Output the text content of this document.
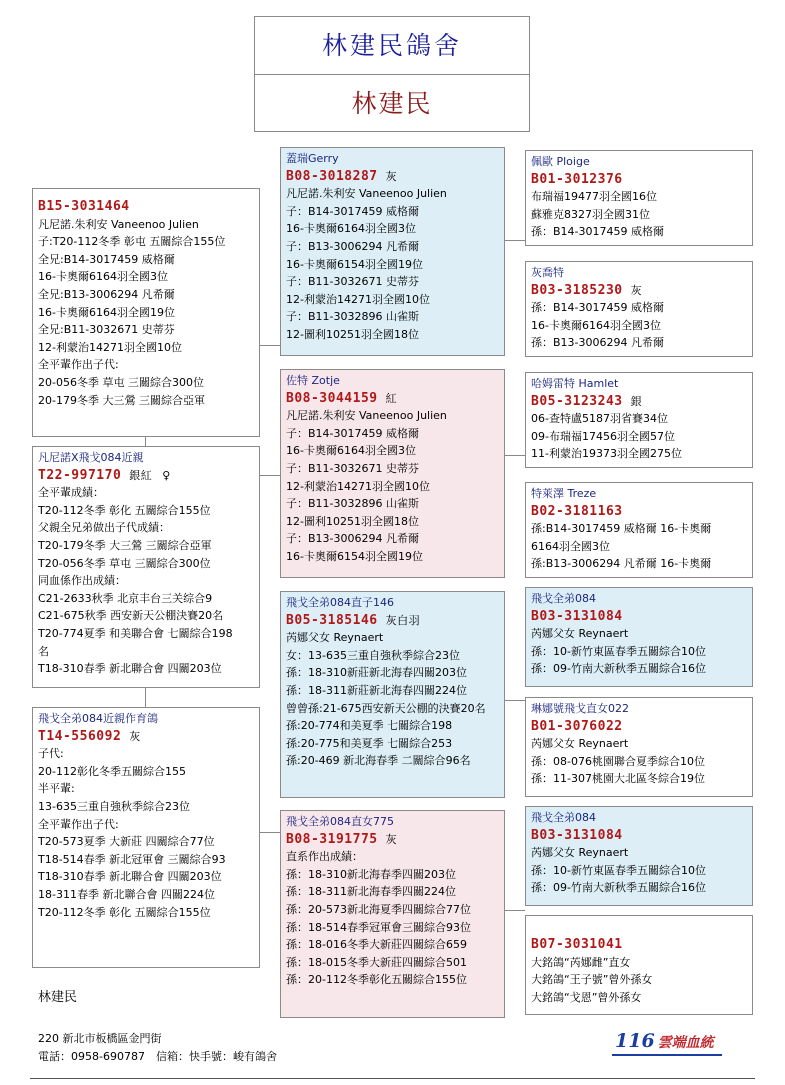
林建民鴿舍
林建民
B15-3031464
凡尼諾.朱利安 Vaneenoo Julien
子:T20-112冬季 彰屯 五關綜合155位
全兄:B14-3017459 威格爾
16-卡奧爾6164羽全國3位
全兄:B13-3006294 凡希爾
16-卡奧爾6164羽全國19位
全兄:B11-3032671 史蒂芬
12-利蒙治14271羽全國10位
全平輩作出子代:
20-056冬季 草屯 三關綜合300位
20-179冬季 大三鶯 三關綜合亞軍
凡尼諾X飛戈084近親
T22-997170 銀紅 ♀
全平輩成績：
T20-112冬季 彰化 五關綜合155位
父親全兄弟做出子代成績：
T20-179冬季 大三鶯 三關綜合亞軍
T20-056冬季 草屯 三關綜合300位
同血係作出成績：
C21-2633秋季 北京丰台三关综合9
C21-675秋季 西安新天公棚決賽20名
T20-774夏季 和美聯合會 七關綜合198名
T18-310春季 新北聯合會 四關203位
飛戈全弟084近親作育鴿
T14-556092 灰
子代:
20-112彰化冬季五關綜合155
半平輩:
13-635三重自強秋季綜合23位
全平輩作出子代:
T20-573夏季 大新莊 四關綜合77位
T18-514春季 新北冠軍會 三關綜合93
T18-310春季 新北聯合會 四關203位
18-311春季 新北聯合會 四關224位
T20-112冬季 彰化 五關綜合155位
蓋瑞Gerry
B08-3018287 灰
凡尼諾.朱利安 Vaneenoo Julien
子：B14-3017459 威格爾
16-卡奧爾6164羽全國3位
子：B13-3006294 凡希爾
16-卡奧爾6154羽全國19位
子：B11-3032671 史蒂芬
12-利蒙治14271羽全國10位
子：B11-3032896 山雀斯
12-圖利10251羽全國18位
佐特 Zotje
B08-3044159 紅
凡尼諾.朱利安 Vaneenoo Julien
子：B14-3017459 威格爾
16-卡奧爾6164羽全國3位
子：B11-3032671 史蒂芬
12-利蒙治14271羽全國10位
子：B11-3032896 山雀斯
12-圖利10251羽全國18位
子：B13-3006294 凡希爾
16-卡奧爾6154羽全國19位
飛戈全弟084直子146
B05-3185146 灰白羽
芮娜父女 Reynaert
女：13-635三重自強秋季綜合23位
孫：18-310新莊新北海春四關203位
孫：18-311新莊新北海春四關224位
曾曾孫:21-675西安新天公棚的決賽20名
孫:20-774和美夏季 七關綜合198
孫:20-775和美夏季 七關綜合253
孫:20-469 新北海春季 二關綜合96名
飛戈全弟084直女775
B08-3191775 灰
直系作出成績：
孫：18-310新北海春季四關203位
孫：18-311新北海春季四關224位
孫：20-573新北海夏季四關綜合77位
孫：18-514春季冠軍會三關綜合93位
孫：18-016冬季大新莊四關綜合659
孫：18-015冬季大新莊四關綜合501
孫：20-112冬季彰化五關綜合155位
佩歐 Ploige
B01-3012376
布瑞福19477羽全國16位
蘇雅克8327羽全國31位
孫：B14-3017459 威格爾
灰喬特
B03-3185230 灰
孫：B14-3017459 威格爾
16-卡奧爾6164羽全國3位
孫：B13-3006294 凡希爾
哈姆雷特 Hamlet
B05-3123243 銀
06-查特盧5187羽省賽34位
09-布瑞福17456羽全國57位
11-利蒙治19373羽全國275位
特萊澤 Treze
B02-3181163
孫:B14-3017459 威格爾 16-卡奧爾6164羽全國3位
孫:B13-3006294 凡希爾 16-卡奧爾
飛戈全弟084
B03-3131084
芮娜父女 Reynaert
孫：10-新竹東區春季五關綜合10位
孫：09-竹南大新秋季五關綜合16位
琳娜號飛戈直女022
B01-3076022
芮娜父女 Reynaert
孫：08-076桃園聯合夏季綜合10位
孫：11-307桃園大北區冬綜合19位
飛戈全弟084
B03-3131084
芮娜父女 Reynaert
孫：10-新竹東區春季五關綜合10位
孫：09-竹南大新秋季五關綜合16位
B07-3031041
大銘鴿“芮娜雌”直女
大銘鴿“王子號”曾外孫女
大銘鴿“戈恩”曾外孫女
林建民
220 新北市板橋區金門街
電話：0958-690787　信箱：快手號：峻有鴿舍
116 雲端血統
